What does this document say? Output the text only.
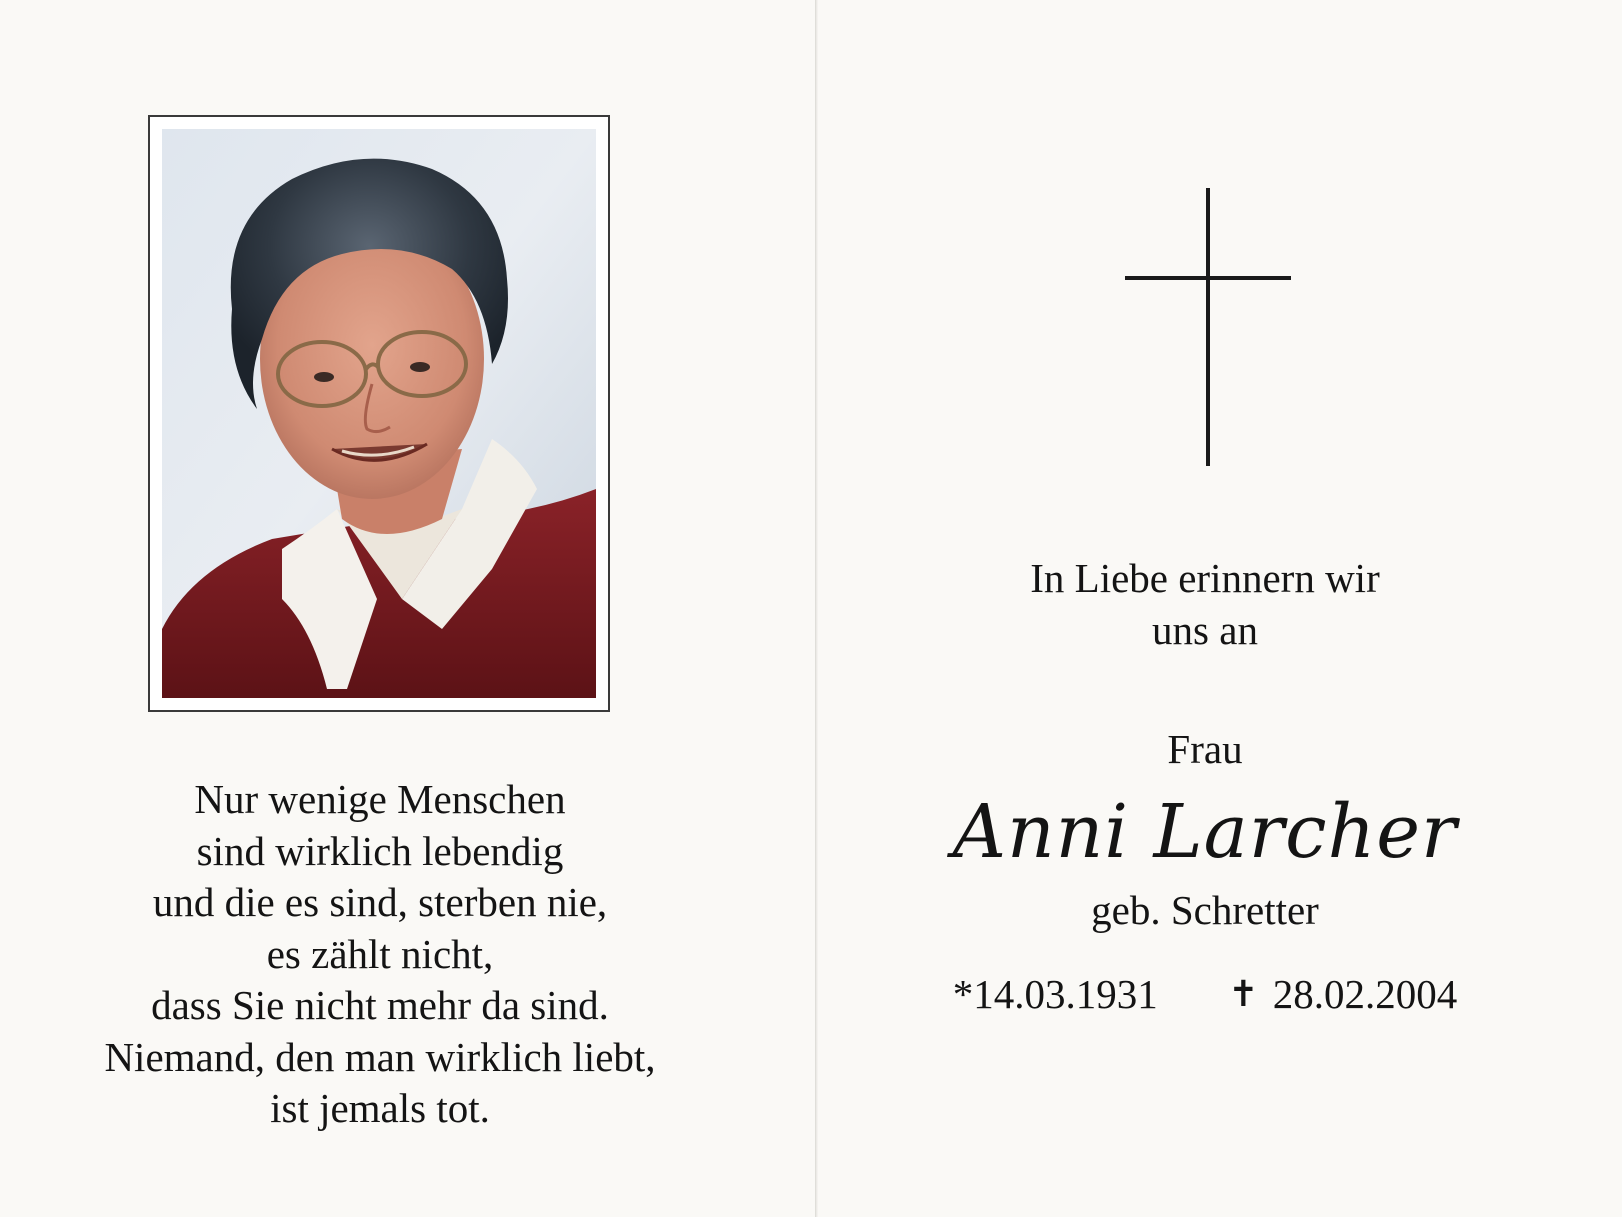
Nur wenige Menschen
sind wirklich lebendig
und die es sind, sterben nie,
es zählt nicht,
dass Sie nicht mehr da sind.
Niemand, den man wirklich liebt,
ist jemals tot.
In Liebe erinnern wir
uns an
Frau
Anni Larcher
geb. Schretter
*14.03.1931 ✝ 28.02.2004
